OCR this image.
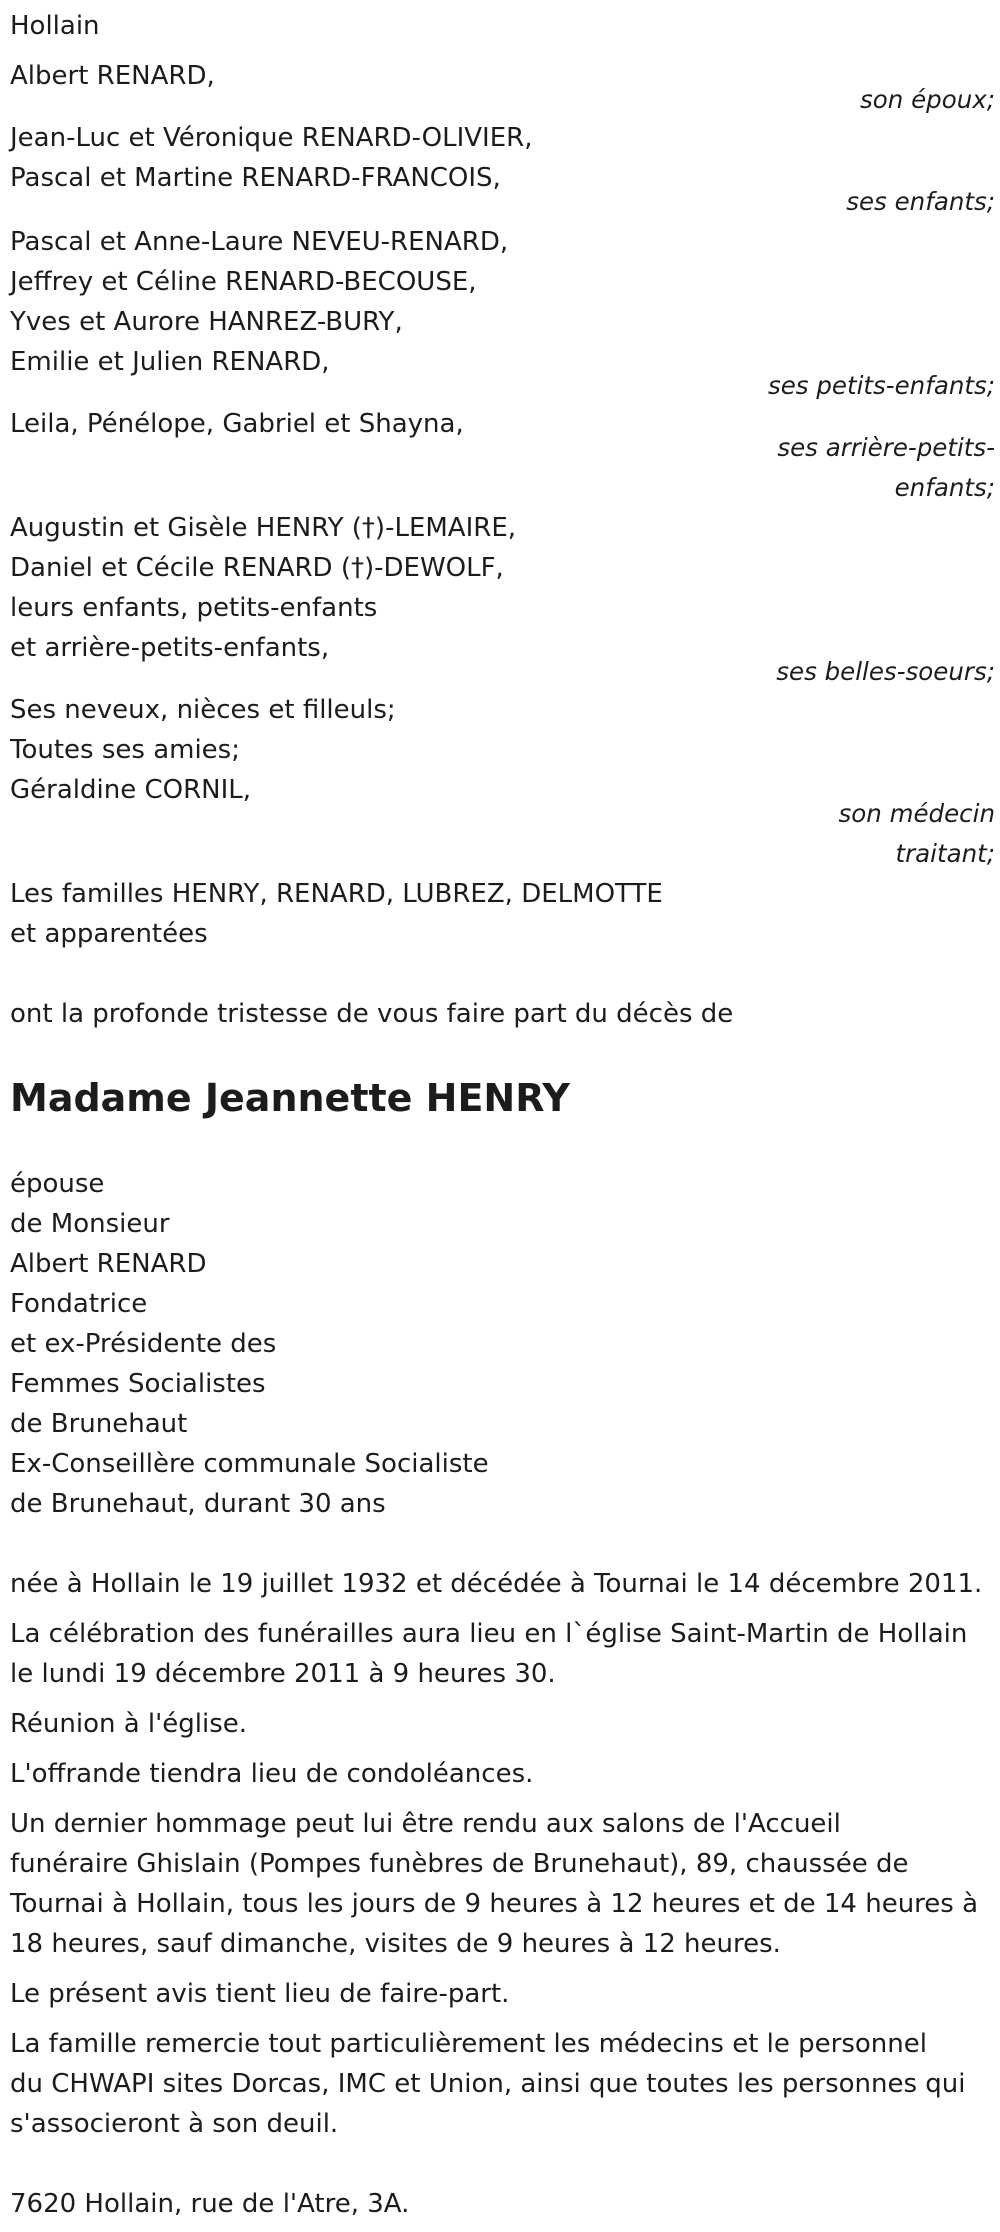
Hollain
Albert RENARD,
son époux;
Jean-Luc et Véronique RENARD-OLIVIER,
Pascal et Martine RENARD-FRANCOIS,
ses enfants;
Pascal et Anne-Laure NEVEU-RENARD,
Jeffrey et Céline RENARD-BECOUSE,
Yves et Aurore HANREZ-BURY,
Emilie et Julien RENARD,
ses petits-enfants;
Leila, Pénélope, Gabriel et Shayna,
ses arrière-petits-
enfants;
Augustin et Gisèle HENRY (†)-LEMAIRE,
Daniel et Cécile RENARD (†)-DEWOLF,
leurs enfants, petits-enfants
et arrière-petits-enfants,
ses belles-soeurs;
Ses neveux, nièces et filleuls;
Toutes ses amies;
Géraldine CORNIL,
son médecin
traitant;
Les familles HENRY, RENARD, LUBREZ, DELMOTTE
et apparentées
ont la profonde tristesse de vous faire part du décès de
Madame Jeannette HENRY
épouse
de Monsieur
Albert RENARD
Fondatrice
et ex-Présidente des
Femmes Socialistes
de Brunehaut
Ex-Conseillère communale Socialiste
de Brunehaut, durant 30 ans
née à Hollain le 19 juillet 1932 et décédée à Tournai le 14 décembre 2011.
La célébration des funérailles aura lieu en l`église Saint-Martin de Hollain
le lundi 19 décembre 2011 à 9 heures 30.
Réunion à l'église.
L'offrande tiendra lieu de condoléances.
Un dernier hommage peut lui être rendu aux salons de l'Accueil
funéraire Ghislain (Pompes funèbres de Brunehaut), 89, chaussée de
Tournai à Hollain, tous les jours de 9 heures à 12 heures et de 14 heures à
18 heures, sauf dimanche, visites de 9 heures à 12 heures.
Le présent avis tient lieu de faire-part.
La famille remercie tout particulièrement les médecins et le personnel
du CHWAPI sites Dorcas, IMC et Union, ainsi que toutes les personnes qui
s'associeront à son deuil.
7620 Hollain, rue de l'Atre, 3A.
